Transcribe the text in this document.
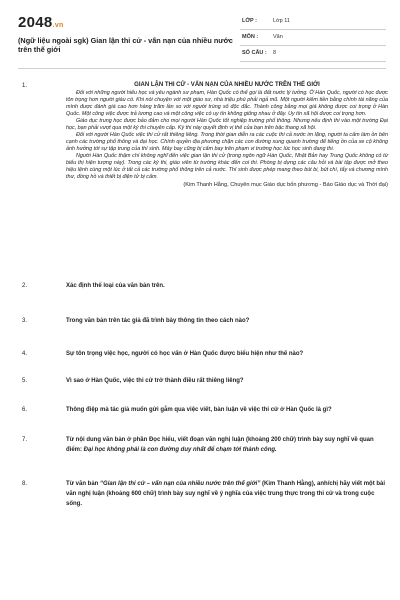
2048.vn
(Ngữ liệu ngoài sgk) Gian lận thi cử - vấn nạn của nhiều nước trên thế giới
LỚP :	Lớp 11
MÔN :	Văn
SỐ CÂU : 8
1.	GIAN LẬN THI CỬ - VẤN NẠN CỦA NHIỀU NƯỚC TRÊN THẾ GIỚI

Đối với những người hiếu học và yêu ngành sư phạm, Hàn Quốc có thể gọi là đất nước lý tưởng. Ở Hàn Quốc, người có học được tôn trọng hơn người giàu có. Khi nói chuyện với một giáo sư, nhà triệu phú phải ngả mũ. Một người kiếm tiền bằng chính tài năng của mình được đánh giá cao hơn hàng trăm lần so với người trúng số độc đắc. Thành công bằng mọi giá không được coi trọng ở Hàn Quốc. Một công việc được trả lương cao và một công việc có uy tín không giống nhau ở đây. Uy tín xã hội được coi trọng hơn.

Giáo dục trung học được bảo đảm cho mọi người Hàn Quốc tốt nghiệp trường phổ thông. Nhưng nếu định thi vào một trường Đại học, bạn phải vượt qua một kỳ thi chuyên cấp. Kỳ thi này quyết định vị thế của bạn trên bậc thang xã hội.

Đối với người Hàn Quốc việc thi cử rất thiêng liêng. Trong thời gian diễn ra các cuộc thi cả nước im lặng, người ta cấm làm ồn bên cạnh các trường phổ thông và đại học. Chính quyền địa phương chặn các con đường xung quanh trường để tiếng ồn của xe cộ không ảnh hưởng tới sự tập trung của thí sinh. Máy bay cũng bị cấm bay trên phạm vi trường học lúc học sinh đang thi.

Người Hàn Quốc thậm chí không nghĩ đến việc gian lận thi cử (trong ngôn ngữ Hàn Quốc, Nhật Bản hay Trung Quốc không có từ biểu thị hiện tượng này). Trong các kỳ thi, giáo viên từ trường khác đến coi thi. Phòng bị dựng các câu hỏi và bài tập được mở theo hiệu lệnh cùng một lúc ở tất cả các trường phổ thông trên cả nước. Thí sinh được phép mang theo bút bi, bút chì, tẩy và chương mình thư, đồng hồ và thiết bị điện tử bị cấm.

(Kim Thanh Hằng, Chuyên mục Giáo dục bốn phương - Báo Giáo dục và Thời đại)
2.	Xác định thể loại của văn bản trên.
3.	Trong văn bản trên tác giả đã trình bày thông tin theo cách nào?
4.	Sự tôn trọng việc học, người có học vấn ở Hàn Quốc được biểu hiện như thế nào?
5.	Vì sao ở Hàn Quốc, việc thi cử trở thành điều rất thiêng liêng?
6.	Thông điệp mà tác giả muốn gửi gắm qua việc viết, bàn luận về việc thi cử ở Hàn Quốc là gì?
7.	Từ nội dung văn bản ở phần Đọc hiểu, viết đoạn văn nghị luận (khoảng 200 chữ) trình bày suy nghĩ về quan điểm: Đại học không phải là con đường duy nhất để chạm tới thành công.
8.	Từ văn bản “Gian lận thi cử – vấn nạn của nhiều nước trên thế giới” (Kim Thanh Hằng), anh/chị hãy viết một bài văn nghị luận (khoảng 600 chữ) trình bày suy nghĩ về ý nghĩa của việc trung thực trong thi cử và trong cuộc sống.
